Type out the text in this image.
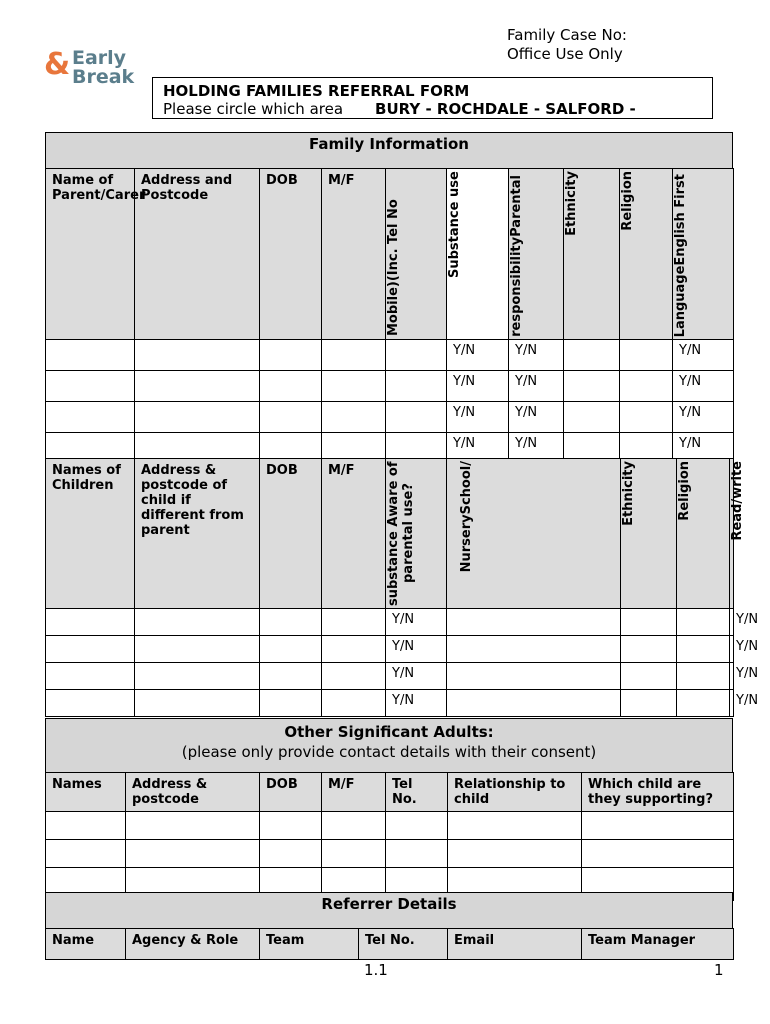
Family Case No:
Office Use Only
& Early
Break
HOLDING FAMILIES REFERRAL FORM
Please circle which area BURY - ROCHDALE - SALFORD -
Family Information
Name of Parent/Carer	Address and Postcode	DOB	M/F	Mobile)(Inc. Tel No	Substance use	responsibilityParental	Ethnicity	Religion	LanguageEnglish First

					Y/N	Y/N			Y/N
					Y/N	Y/N			Y/N
					Y/N	Y/N			Y/N
					Y/N	Y/N			Y/N
Names of Children	Address & postcode of child if different from parent	DOB	M/F	substance Aware of parental use?	NurserySchool/	Ethnicity	Religion	Read/write

				Y/N				Y/N
				Y/N				Y/N
				Y/N				Y/N
				Y/N				Y/N
Other Significant Adults:
(please only provide contact details with their consent)
Names	Address & postcode	DOB	M/F	Tel No.	Relationship to child	Which child are they supporting?

Referrer Details
Name	Agency & Role	Team	Tel No.	Email	Team Manager
1.1	1
